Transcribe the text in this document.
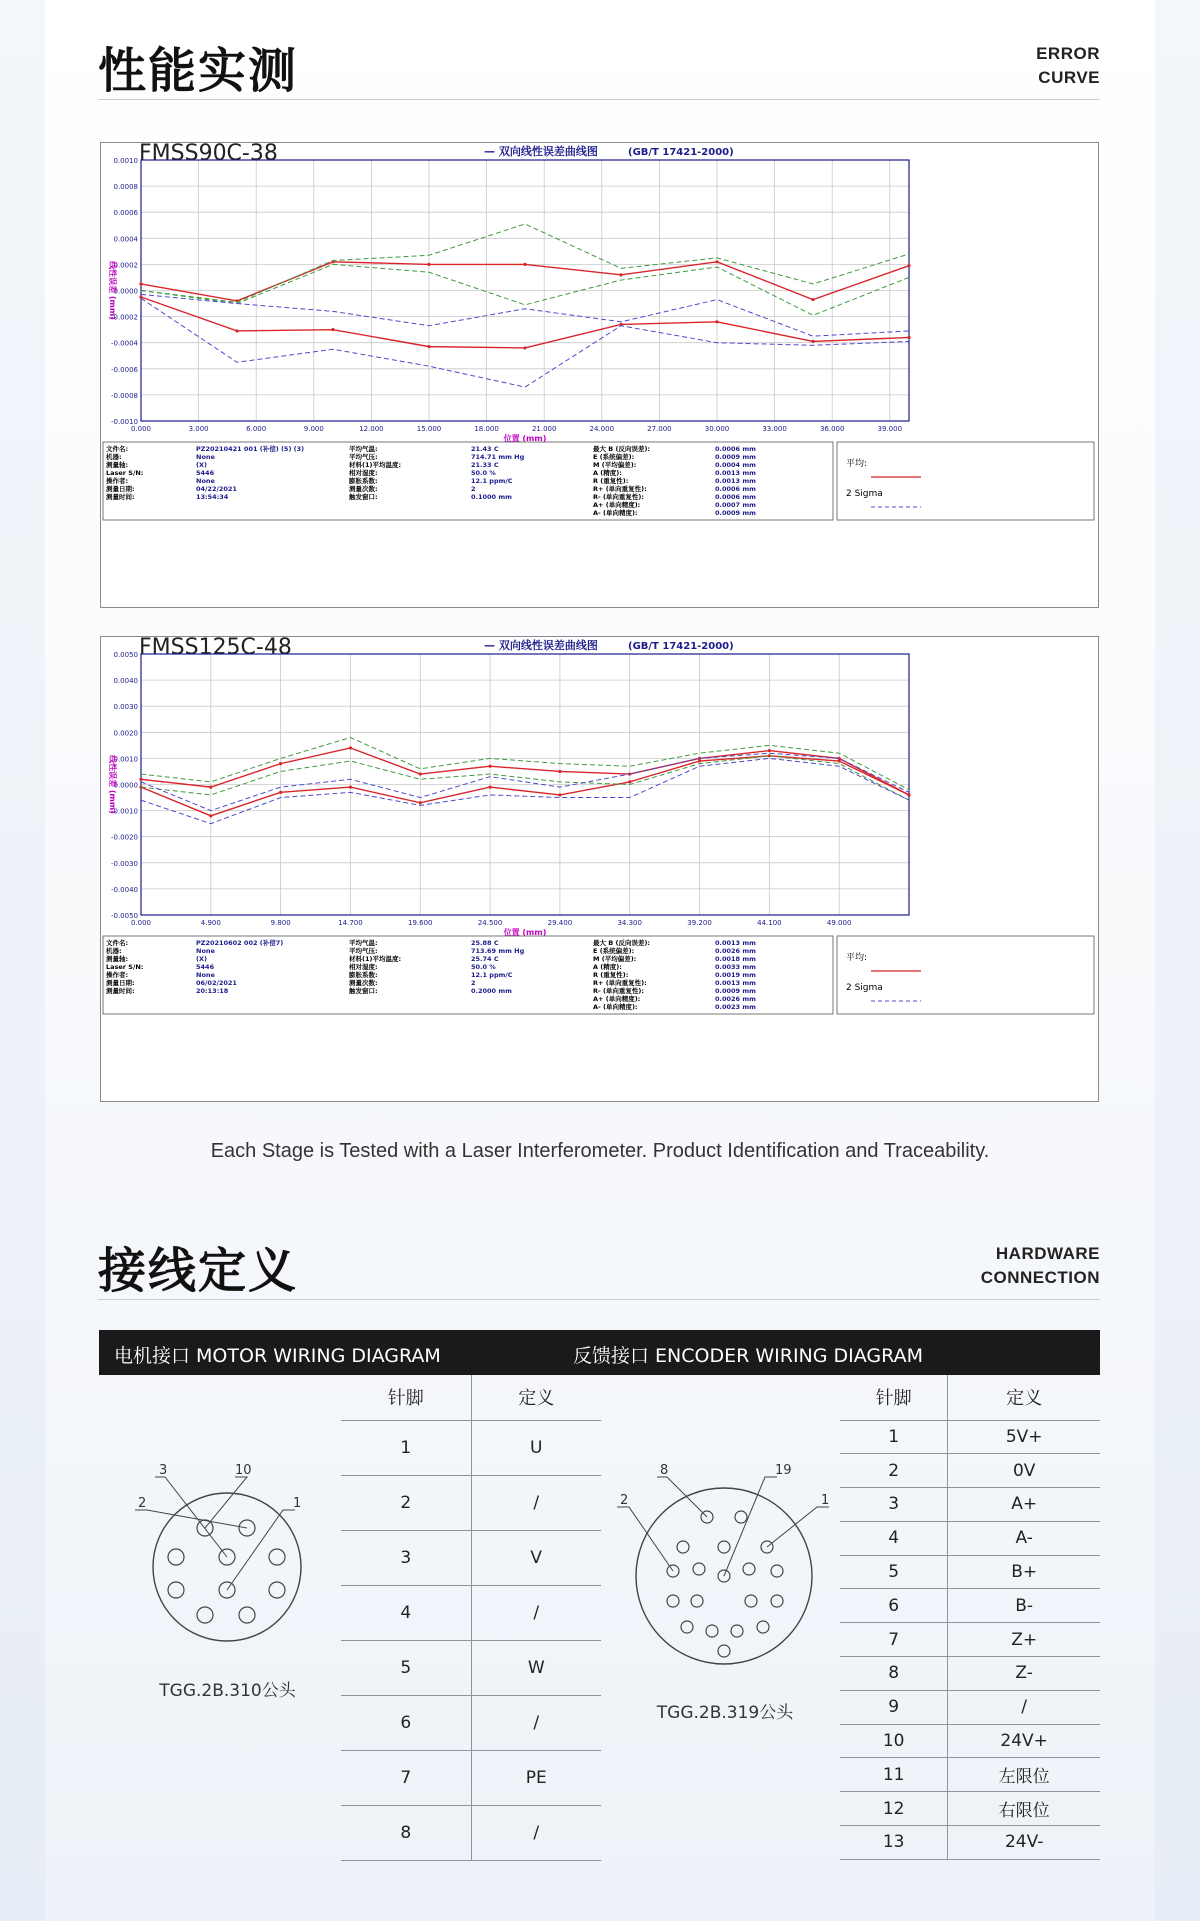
性能实测	ERROR
CURVE
FMSS90C-38	— 双向线性误差曲线图	(GB/T 17421-2000)
0.0010
0.0008
0.0006
0.0004
0.0002
0.0000
-0.0002
-0.0004
-0.0006
-0.0008
-0.0010
0.000	3.000	6.000	9.000	12.000	15.000	18.000	21.000	24.000	27.000	30.000	33.000	36.000	39.000
线性误差 (mm)
位置 (mm)
文件名:	PZ20210421 001 (补偿) (5) (3)
机器:	None
测量轴:	(X)
Laser S/N:	5446
操作者:	None
测量日期:	04/22/2021
测量时间:	13:54:34
平均气温:	21.43 C
平均气压:	714.71 mm Hg
材料(1)平均温度:	21.33 C
相对湿度:	50.0 %
膨胀系数:	12.1 ppm/C
测量次数:	2
触发窗口:	0.1000 mm
最大 B (反向误差):	0.0006 mm
E (系统偏差):	0.0009 mm
M (平均偏差):	0.0004 mm
A (精度):	0.0013 mm
R (重复性):	0.0013 mm
R+ (单向重复性):	0.0006 mm
R- (单向重复性):	0.0006 mm
A+ (单向精度):	0.0007 mm
A- (单向精度):	0.0009 mm
平均:
2 Sigma
FMSS125C-48	— 双向线性误差曲线图	(GB/T 17421-2000)
0.0050
0.0040
0.0030
0.0020
0.0010
0.0000
-0.0010
-0.0020
-0.0030
-0.0040
-0.0050
0.000	4.900	9.800	14.700	19.600	24.500	29.400	34.300	39.200	44.100	49.000
线性误差 (mm)
位置 (mm)
文件名:	PZ20210602 002 (补偿7)
机器:	None
测量轴:	(X)
Laser S/N:	5446
操作者:	None
测量日期:	06/02/2021
测量时间:	20:13:18
平均气温:	25.88 C
平均气压:	713.69 mm Hg
材料(1)平均温度:	25.74 C
相对湿度:	50.0 %
膨胀系数:	12.1 ppm/C
测量次数:	2
触发窗口:	0.2000 mm
最大 B (反向误差):	0.0013 mm
E (系统偏差):	0.0026 mm
M (平均偏差):	0.0018 mm
A (精度):	0.0033 mm
R (重复性):	0.0019 mm
R+ (单向重复性):	0.0013 mm
R- (单向重复性):	0.0009 mm
A+ (单向精度):	0.0026 mm
A- (单向精度):	0.0023 mm
平均:
2 Sigma
Each Stage is Tested with a Laser Interferometer. Product Identification and Traceability.
接线定义	HARDWARE
CONNECTION
电机接口 MOTOR WIRING DIAGRAM	反馈接口 ENCODER WIRING DIAGRAM
针脚	定义
1	U
2	/
3	V
4	/
5	W
6	/
7	PE
8	/
针脚	定义
1	5V+
2	0V
3	A+
4	A-
5	B+
6	B-
7	Z+
8	Z-
9	/
10	24V+
11	左限位
12	右限位
13	24V-
3	10
2	1
TGG.2B.310公头
8	19
2	1
TGG.2B.319公头
